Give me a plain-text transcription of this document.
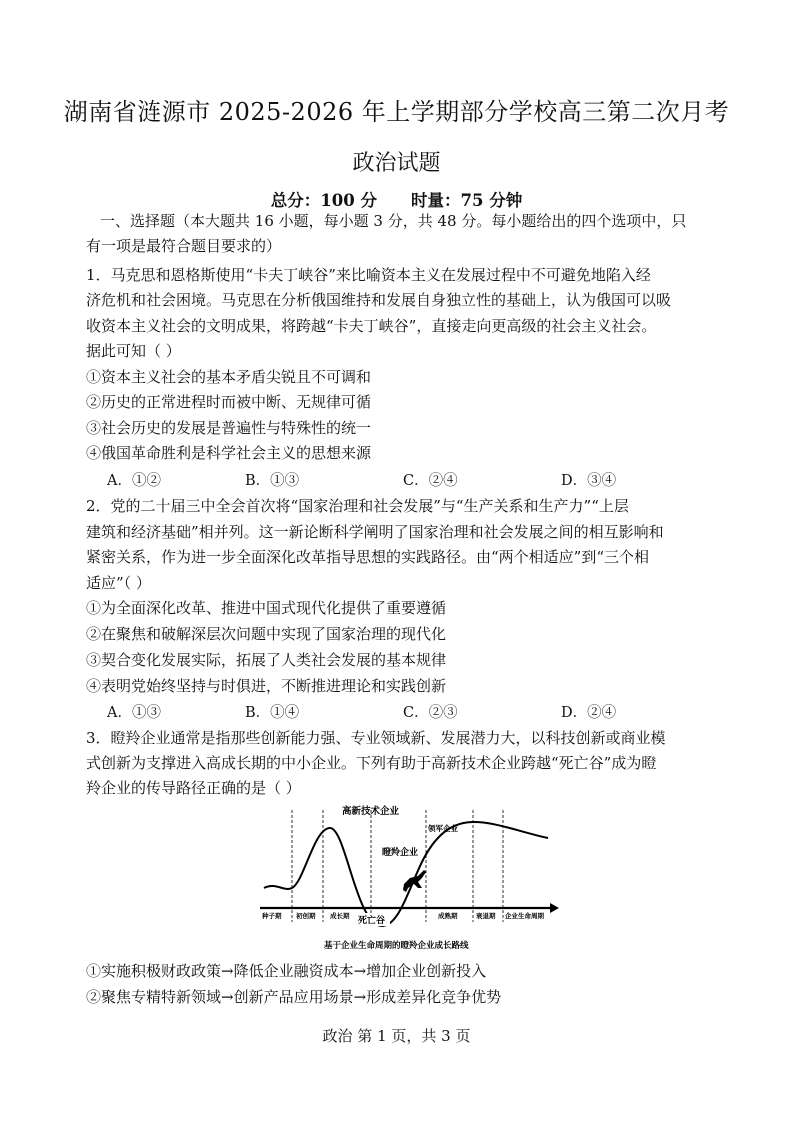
湖南省涟源市 2025-2026 年上学期部分学校高三第二次月考
政治试题
总分：100 分 时量：75 分钟
一、选择题（本大题共 16 小题，每小题 3 分，共 48 分。每小题给出的四个选项中，只
有一项是最符合题目要求的）
1．马克思和恩格斯使用“卡夫丁峡谷”来比喻资本主义在发展过程中不可避免地陷入经
济危机和社会困境。马克思在分析俄国维持和发展自身独立性的基础上，认为俄国可以吸
收资本主义社会的文明成果，将跨越“卡夫丁峡谷”，直接走向更高级的社会主义社会。
据此可知（ ）
①资本主义社会的基本矛盾尖锐且不可调和
②历史的正常进程时而被中断、无规律可循
③社会历史的发展是普遍性与特殊性的统一
④俄国革命胜利是科学社会主义的思想来源
A．①②	B．①③	C．②④	D．③④
2．党的二十届三中全会首次将“国家治理和社会发展”与“生产关系和生产力”“上层
建筑和经济基础”相并列。这一新论断科学阐明了国家治理和社会发展之间的相互影响和
紧密关系，作为进一步全面深化改革指导思想的实践路径。由“两个相适应”到“三个相
适应”（ ）
①为全面深化改革、推进中国式现代化提供了重要遵循
②在聚焦和破解深层次问题中实现了国家治理的现代化
③契合变化发展实际，拓展了人类社会发展的基本规律
④表明党始终坚持与时俱进，不断推进理论和实践创新
A．①③	B．①④	C．②③	D．②④
3．瞪羚企业通常是指那些创新能力强、专业领域新、发展潜力大，以科技创新或商业模
式创新为支撑进入高成长期的中小企业。下列有助于高新技术企业跨越“死亡谷”成为瞪
羚企业的传导路径正确的是（ ）
高新技术企业
领军企业
瞪羚企业
死亡谷
种子期 初创期 成长期	成熟期	衰退期 企业生命周期
基于企业生命周期的瞪羚企业成长路线
①实施积极财政政策→降低企业融资成本→增加企业创新投入
②聚焦专精特新领域→创新产品应用场景→形成差异化竞争优势
政治 第 1 页，共 3 页
